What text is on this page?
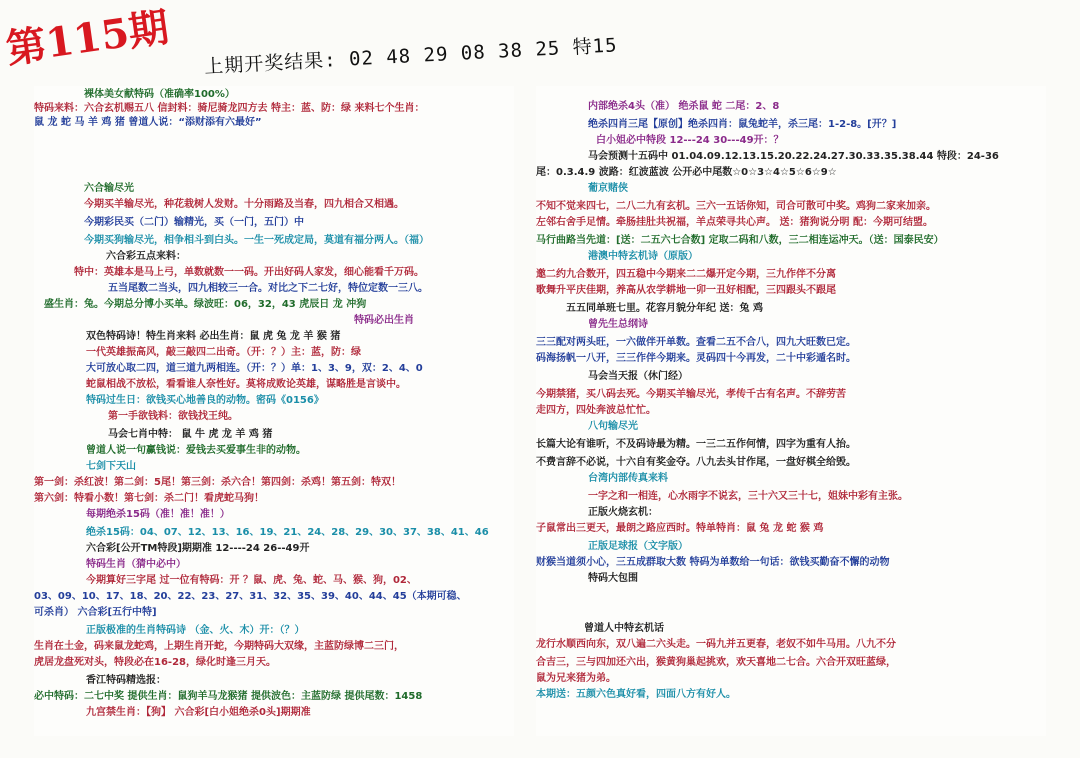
第115期 上期开奖结果: 02 48 29 08 38 25 特15
裸体美女献特码（准确率100%）
特码来料：六合玄机赐五八 信封料：骑尼骑龙四方去 特主：蓝、防：绿 来料七个生肖：
鼠 龙 蛇 马 羊 鸡 猪 曾道人说：“添财添有六最好”
六合输尽光
今期买羊输尽光，种花栽树人发财。十分雨路及当春，四九相合又相遇。
今期彩民买（二门）输精光，买（一门，五门）中
今期买狗输尽光，相争相斗到白头。一生一死成定局，莫道有福分两人。（福）
六合彩五点来料：
特中：英雄本是马上弓，单数就数一一码。开出好码人家发，细心能看千万码。
五当尾数二当头，四九相较三一合。对比之下二七好，特位定数一三八。
盛生肖：兔。今期总分博小买单。绿波旺：06，32，43 虎辰日 龙 冲狗
特码必出生肖
双色特码诗！特生肖来料 必出生肖：鼠 虎 兔 龙 羊 猴 猪
一代英雄振高风，敲三敲四二出奇。（开：？）主：蓝，防：绿
大可放心取二四，道三道九两相连。（开：？）单：1、3、9，双：2、4、0
蛇鼠相战不放松，看看谁人奈性好。莫将成败论英雄，谋略胜是言谈中。
特码过生日：欲钱买心地善良的动物。密码《0156》
第一手欲钱料：欲钱找王纯。
马会七肖中特： 鼠 牛 虎 龙 羊 鸡 猪
曾道人说一句赢钱说：爱钱去买爱事生非的动物。
七剑下天山
第一剑：杀红波！第二剑：5尾！第三剑：杀六合！第四剑：杀鸡！第五剑：特双！
第六剑：特看小数！第七剑：杀二门！看虎蛇马狗！
每期绝杀15码（准！准！准！）
绝杀15码：04、07、12、13、16、19、21、24、28、29、30、37、38、41、46
六合彩[公开TM特段]期期准 12----24 26--49开
特码生肖（猜中必中）
今期算好三字尾 过一位有特码：开 ？鼠、虎、兔、蛇、马、猴、狗，02、
03、09、10、17、18、20、22、23、27、31、32、35、39、40、44、45（本期可稳、
可杀肖） 六合彩[五行中特]
正版极准的生肖特码诗 （金、火、木）开：（？）
生肖在土金，码来鼠龙蛇鸡，上期生肖开蛇，今期特码大双缘，主蓝防绿博二三门，
虎居龙盘死对头，特段必在16-28，绿化时逢三月天。
香江特码精选报：
必中特码：二七中奖 提供生肖：鼠狗羊马龙猴猪 提供波色：主蓝防绿 提供尾数：1458
九宫禁生肖：【狗】 六合彩[白小姐绝杀0头]期期准
内部绝杀4头（准） 绝杀鼠 蛇 二尾：2、8
绝杀四肖三尾【原创】绝杀四肖：鼠兔蛇羊，杀三尾：1-2-8。[开？]
白小姐必中特段 12---24 30---49开：？
马会预测十五码中 01.04.09.12.13.15.20.22.24.27.30.33.35.38.44 特段：24-36
尾：0.3.4.9 波路：红波蓝波 公开必中尾数☆0☆3☆4☆5☆6☆9☆
葡京赌侠
不知不觉来四七，二八二九有玄机。三六一五话你知，司合可散可中奖。鸡狗二家来加亲。
左邻右舍手足情。牵肠挂肚共祝福，羊点荣寻共心声。 送：猪狗说分明 配：今期可结盟。
马行曲路当先道：[送：二五六七合数] 定取二码和八数，三二相连运冲天。（送：国泰民安）
港澳中特玄机诗（原版）
邀二约九合数开，四五稳中今期来二二爆开定今期，三九作伴不分离
歌舞升平庆佳期，养高从农学耕地一卯一丑好相配，三四跟头不跟尾
五五同单班七里。花容月貌分年纪 送：兔 鸡
曾先生总纲诗
三三配对两头旺，一六做伴开单数。查看二五不合八，四九大旺数已定。
码海扬帆一八开，三三作伴今期来。灵码四十今再发，二十中彩遁名时。
马会当天报（休门经）
今期禁猪，买八码去死。今期买羊输尽光，孝传千古有名声。不辞劳苦
走四方，四处奔波总忙忙。
八句输尽光
长篇大论有谁听，不及码诗最为精。一三二五作何情，四字为重有人抬。
不费言辞不必说，十六自有奖金夺。八九去头甘作尾，一盘好棋全给毁。
台湾内部传真来料
一字之和一相连，心水雨字不说玄，三十六又三十七，姐妹中彩有主张。
正版火烧玄机：
子鼠常出三更天，最朗之路应西时。特单特肖：鼠 兔 龙 蛇 猴 鸡
正版足球报（文字版）
财猴当道须小心，三五成群取大数 特码为单数给一句话：欲钱买勤奋不懈的动物
特码大包围
曾道人中特玄机话
龙行水顺西向东，双八遍二六头走。一码九并五更春，老奴不如牛马用。八九不分
合吉三，三与四加还六出，猴黄狗巢起挑欢，欢天喜地二七合。六合开双旺蓝绿，
鼠为兄来猪为弟。
本期送：五颜六色真好看，四面八方有好人。
